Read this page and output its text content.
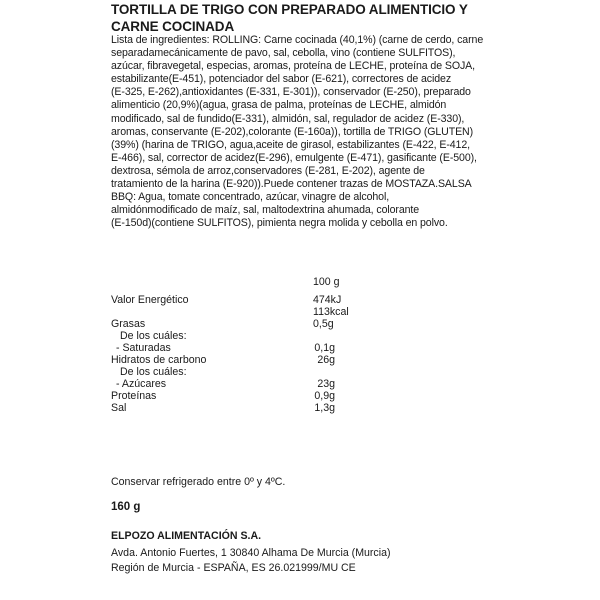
TORTILLA DE TRIGO CON PREPARADO ALIMENTICIO Y
CARNE COCINADA
Lista de ingredientes: ROLLING: Carne cocinada (40,1%) (carne de cerdo, carne
separadamecánicamente de pavo, sal, cebolla, vino (contiene SULFITOS),
azúcar, fibravegetal, especias, aromas, proteína de LECHE, proteína de SOJA,
estabilizante(E-451), potenciador del sabor (E-621), correctores de acidez
(E-325, E-262),antioxidantes (E-331, E-301)), conservador (E-250), preparado
alimenticio (20,9%)(agua, grasa de palma, proteínas de LECHE, almidón
modificado, sal de fundido(E-331), almidón, sal, regulador de acidez (E-330),
aromas, conservante (E-202),colorante (E-160a)), tortilla de TRIGO (GLUTEN)
(39%) (harina de TRIGO, agua,aceite de girasol, estabilizantes (E-422, E-412,
E-466), sal, corrector de acidez(E-296), emulgente (E-471), gasificante (E-500),
dextrosa, sémola de arroz,conservadores (E-281, E-202), agente de
tratamiento de la harina (E-920)).Puede contener trazas de MOSTAZA.SALSA
BBQ: Agua, tomate concentrado, azúcar, vinagre de alcohol,
almidónmodificado de maíz, sal, maltodextrina ahumada, colorante
(E-150d)(contiene SULFITOS), pimienta negra molida y cebolla en polvo.
100 g
Valor Energético	474kJ
113kcal
Grasas	0,5g
De los cuáles:
- Saturadas	0,1g
Hidratos de carbono	26g
De los cuáles:
- Azúcares	23g
Proteínas	0,9g
Sal	1,3g
Conservar refrigerado entre 0º y 4ºC.
160 g
ELPOZO ALIMENTACIÓN S.A.
Avda. Antonio Fuertes, 1 30840 Alhama De Murcia (Murcia)
Región de Murcia - ESPAÑA, ES 26.021999/MU CE
